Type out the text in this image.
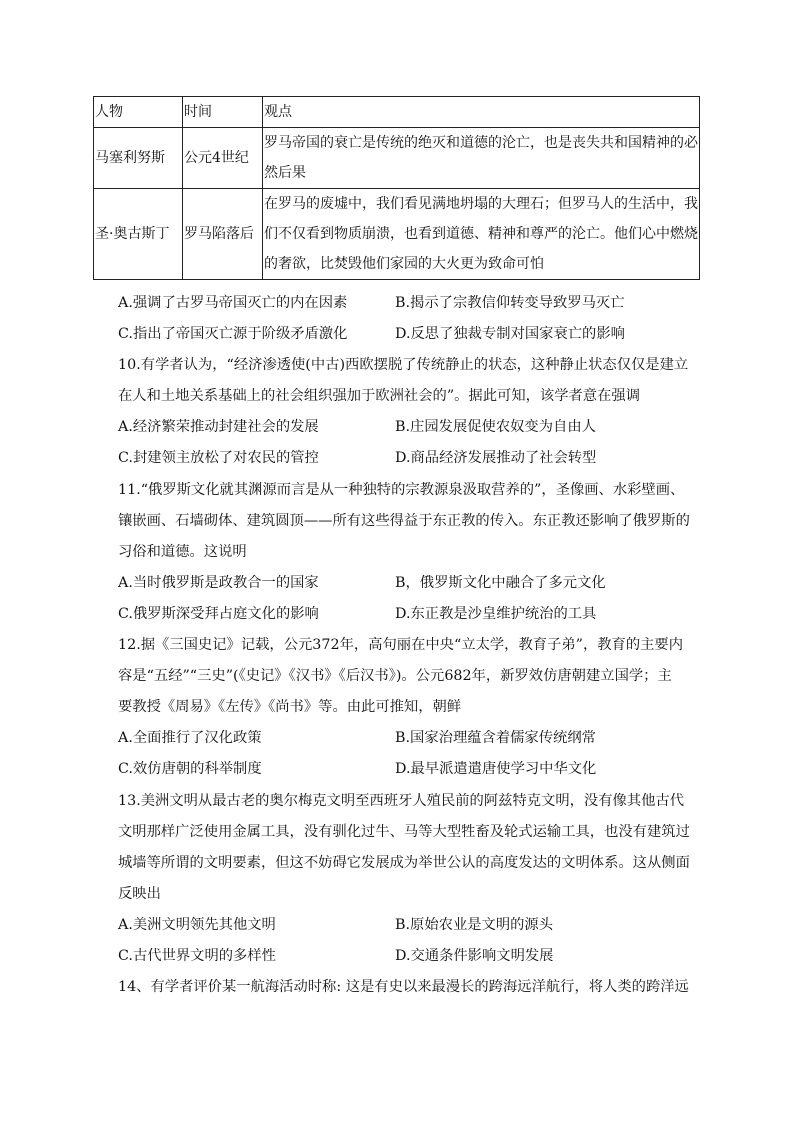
人物	时间	观点
马塞利努斯	公元4世纪	罗马帝国的衰亡是传统的绝灭和道德的沦亡，也是丧失共和国精神的必
然后果

圣·奥古斯丁	罗马陷落后	在罗马的废墟中，我们看见满地坍塌的大理石；但罗马人的生活中，我
们不仅看到物质崩溃，也看到道德、精神和尊严的沦亡。他们心中燃烧
的奢欲，比焚毁他们家园的大火更为致命可怕
A.强调了古罗马帝国灭亡的内在因素	B.揭示了宗教信仰转变导致罗马灭亡
C.指出了帝国灭亡源于阶级矛盾激化	D.反思了独裁专制对国家衰亡的影响
10.有学者认为，“经济渗透使(中古)西欧摆脱了传统静止的状态，这种静止状态仅仅是建立
在人和土地关系基础上的社会组织强加于欧洲社会的”。据此可知，该学者意在强调
A.经济繁荣推动封建社会的发展	B.庄园发展促使农奴变为自由人
C.封建领主放松了对农民的管控	D.商品经济发展推动了社会转型
11.“俄罗斯文化就其渊源而言是从一种独特的宗教源泉汲取营养的”，圣像画、水彩壁画、
镶嵌画、石墙砌体、建筑圆顶——所有这些得益于东正教的传入。东正教还影响了俄罗斯的
习俗和道德。这说明
A.当时俄罗斯是政教合一的国家	B，俄罗斯文化中融合了多元文化
C.俄罗斯深受拜占庭文化的影响	D.东正教是沙皇维护统治的工具
12.据《三国史记》记载，公元372年，高句丽在中央“立太学，教育子弟”，教育的主要内
容是“五经”“三史”(《史记》《汉书》《后汉书》)。公元682年，新罗效仿唐朝建立国学；主
要教授《周易》《左传》《尚书》等。由此可推知，朝鲜
A.全面推行了汉化政策	B.国家治理蕴含着儒家传统纲常
C.效仿唐朝的科举制度	D.最早派遣遣唐使学习中华文化
13.美洲文明从最古老的奥尔梅克文明至西班牙人殖民前的阿兹特克文明，没有像其他古代
文明那样广泛使用金属工具，没有驯化过牛、马等大型牲畜及轮式运输工具，也没有建筑过
城墙等所谓的文明要素，但这不妨碍它发展成为举世公认的高度发达的文明体系。这从侧面
反映出
A.美洲文明领先其他文明	B.原始农业是文明的源头
C.古代世界文明的多样性	D.交通条件影响文明发展
14、有学者评价某一航海活动时称: 这是有史以来最漫长的跨海远洋航行，将人类的跨洋远
